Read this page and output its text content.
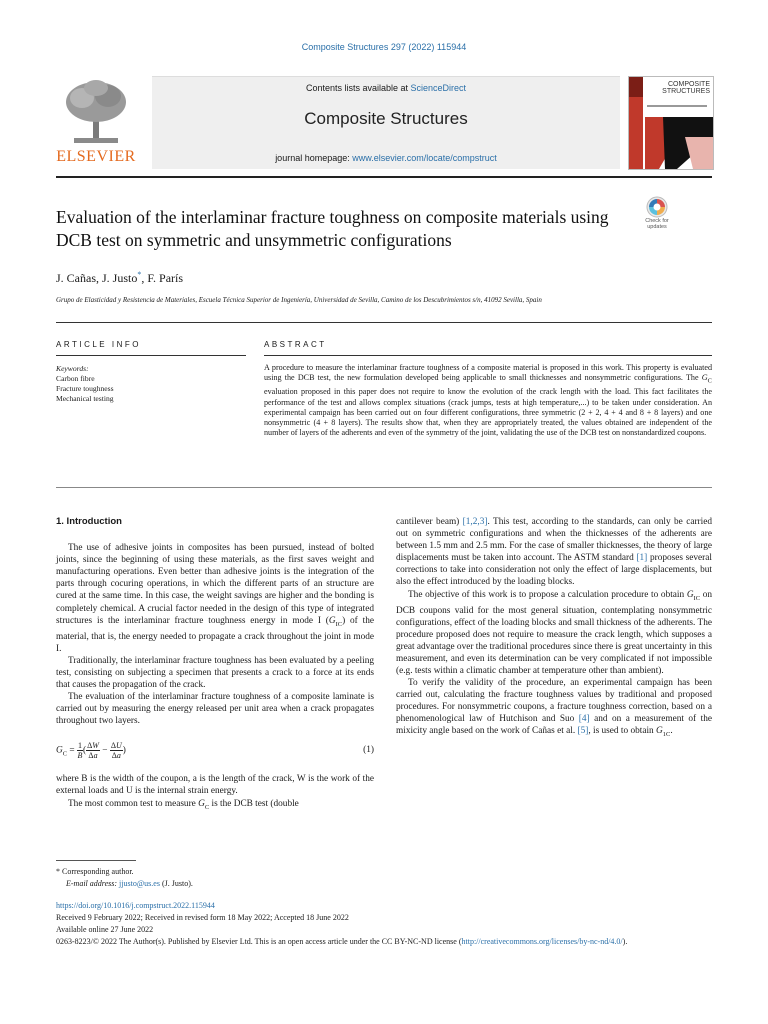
Composite Structures 297 (2022) 115944
ELSEVIER
Contents lists available at ScienceDirect
Composite Structures
journal homepage: www.elsevier.com/locate/compstruct
COMPOSITE
STRUCTURES
Evaluation of the interlaminar fracture toughness on composite materials using DCB test on symmetric and unsymmetric configurations
Check for
updates
J. Cañas, J. Justo*, F. París
Grupo de Elasticidad y Resistencia de Materiales, Escuela Técnica Superior de Ingeniería, Universidad de Sevilla, Camino de los Descubrimientos s/n, 41092 Sevilla, Spain
ARTICLE INFO	ABSTRACT
Keywords:
Carbon fibre
Fracture toughness
Mechanical testing
A procedure to measure the interlaminar fracture toughness of a composite material is proposed in this work. This property is evaluated using the DCB test, the new formulation developed being applicable to small thicknesses and nonsymmetric configurations. The $G_C$ evaluation proposed in this paper does not require to know the evolution of the crack length with the load. This fact facilitates the performance of the test and allows complex situations (crack jumps, tests at high temperature,...) to be taken under consideration. An experimental campaign has been carried out on four different configurations, three symmetric (2 + 2, 4 + 4 and 8 + 8 layers) and one nonsymmetric (4 + 8 layers). The results show that, when they are appropriately treated, the values obtained are independent of the number of layers of the adherents and even of the symmetry of the joint, validating the use of the DCB test on nonstandardized coupons.
1. Introduction

The use of adhesive joints in composites has been pursued, instead of bolted joints, since the beginning of using these materials, as the first saves weight and manufacturing operations. Even better than adhesive joints is the integration of the parts through cocuring operations, in which the different parts of an structure are cured at the same time. In this case, the weight savings are higher and the bonding is completely chemical. A crucial factor needed in the design of this type of integrated structures is the interlaminar fracture toughness energy in mode I $(G_{IC})$ of the material, that is, the energy needed to propagate a crack throughout the joint in mode I.

Traditionally, the interlaminar fracture toughness has been evaluated by a peeling test, consisting on subjecting a specimen that presents a crack to a force at its ends that causes the propagation of the crack.

The evaluation of the interlaminar fracture toughness of a composite laminate is carried out by measuring the energy released per unit area when a crack propagates throughout two layers.

$G_C = \frac{1}{B}$ ( $\frac{\Delta W}{\Delta a} - \frac{\Delta U}{\Delta a}$ )	(1)

where B is the width of the coupon, a is the length of the crack, W is the work of the external loads and U is the internal strain energy.

The most common test to measure $G_C$ is the DCB test (double

cantilever beam) [1,2,3]. This test, according to the standards, can only be carried out on symmetric configurations and when the thicknesses of the adherents are between 1.5 mm and 2.5 mm. For the case of smaller thicknesses, the theory of large displacements must be taken into account. The ASTM standard [1] proposes several corrections to take into consideration not only the effect of large displacements, but also the effect introduced by the loading blocks.

The objective of this work is to propose a calculation procedure to obtain $G_{IC}$ on DCB coupons valid for the most general situation, contemplating nonsymmetric configurations, effect of the loading blocks and small thickness of the adherents. The procedure proposed does not require to measure the crack length, which supposes a great advantage over the traditional procedures since there is great uncertainty in this measurement, and even its determination can be very complicated if not impossible (e.g. tests within a climatic chamber at temperature other than ambient).

To verify the validity of the procedure, an experimental campaign has been carried out, calculating the fracture toughness values by traditional and proposed procedures. For nonsymmetric coupons, a fracture toughness correction, based on a phenomenological law of Hutchison and Suo [4] and on a measurement of the mixicity angle based on the work of Cañas et al. [5], is used to obtain $G_{1C}$.

* Corresponding author.
E-mail address: jjusto@us.es (J. Justo).
https://doi.org/10.1016/j.compstruct.2022.115944
Received 9 February 2022; Received in revised form 18 May 2022; Accepted 18 June 2022
Available online 27 June 2022
0263-8223/© 2022 The Author(s). Published by Elsevier Ltd. This is an open access article under the CC BY-NC-ND license (http://creativecommons.org/licenses/by-nc-nd/4.0/).
